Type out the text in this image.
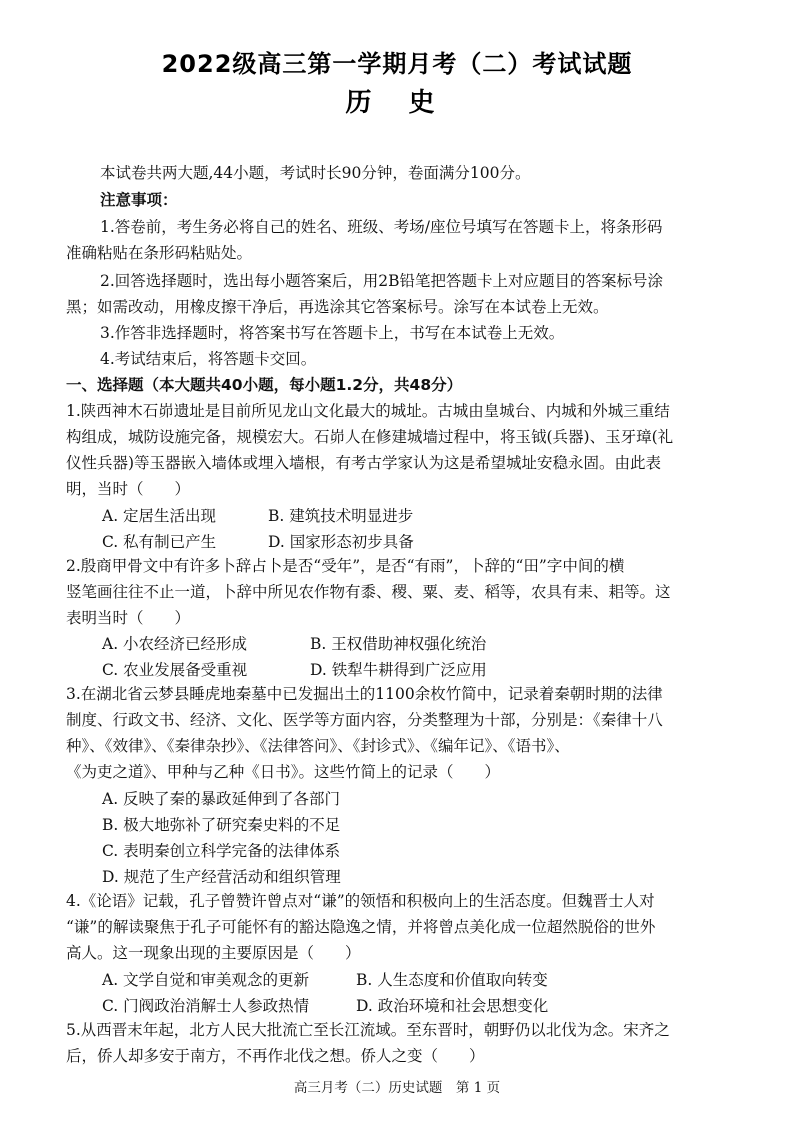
2022级高三第一学期月考（二）考试试题
历 史
本试卷共两大题,44小题，考试时长90分钟，卷面满分100分。
注意事项：
1.答卷前，考生务必将自己的姓名、班级、考场/座位号填写在答题卡上，将条形码
准确粘贴在条形码粘贴处。
2.回答选择题时，选出每小题答案后，用2B铅笔把答题卡上对应题目的答案标号涂
黑；如需改动，用橡皮擦干净后，再选涂其它答案标号。涂写在本试卷上无效。
3.作答非选择题时，将答案书写在答题卡上，书写在本试卷上无效。
4.考试结束后，将答题卡交回。
一、选择题（本大题共40小题，每小题1.2分，共48分）
1.陕西神木石峁遗址是目前所见龙山文化最大的城址。古城由皇城台、内城和外城三重结
构组成，城防设施完备，规模宏大。石峁人在修建城墙过程中，将玉钺(兵器)、玉牙璋(礼
仪性兵器)等玉器嵌入墙体或埋入墙根，有考古学家认为这是希望城址安稳永固。由此表
明，当时（　　）
A. 定居生活出现	B. 建筑技术明显进步
C. 私有制已产生	D. 国家形态初步具备
2.殷商甲骨文中有许多卜辞占卜是否“受年”，是否“有雨”，卜辞的“田”字中间的横
竖笔画往往不止一道，卜辞中所见农作物有黍、稷、粟、麦、稻等，农具有耒、耜等。这
表明当时（　　）
A. 小农经济已经形成	B. 王权借助神权强化统治
C. 农业发展备受重视	D. 铁犁牛耕得到广泛应用
3.在湖北省云梦县睡虎地秦墓中已发掘出土的1100余枚竹简中，记录着秦朝时期的法律
制度、行政文书、经济、文化、医学等方面内容，分类整理为十部，分别是：《秦律十八
种》、《效律》、《秦律杂抄》、《法律答问》、《封诊式》、《编年记》、《语书》、
《为吏之道》、甲种与乙种《日书》。这些竹简上的记录（　　）
A. 反映了秦的暴政延伸到了各部门
B. 极大地弥补了研究秦史料的不足
C. 表明秦创立科学完备的法律体系
D. 规范了生产经营活动和组织管理
4.《论语》记载，孔子曾赞许曾点对“谦”的领悟和积极向上的生活态度。但魏晋士人对
“谦”的解读聚焦于孔子可能怀有的豁达隐逸之情，并将曾点美化成一位超然脱俗的世外
高人。这一现象出现的主要原因是（　　）
A. 文学自觉和审美观念的更新	B. 人生态度和价值取向转变
C. 门阀政治消解士人参政热情	D. 政治环境和社会思想变化
5.从西晋末年起，北方人民大批流亡至长江流域。至东晋时，朝野仍以北伐为念。宋齐之
后，侨人却多安于南方，不再作北伐之想。侨人之变（　　）
高三月考（二）历史试题　第 1 页
